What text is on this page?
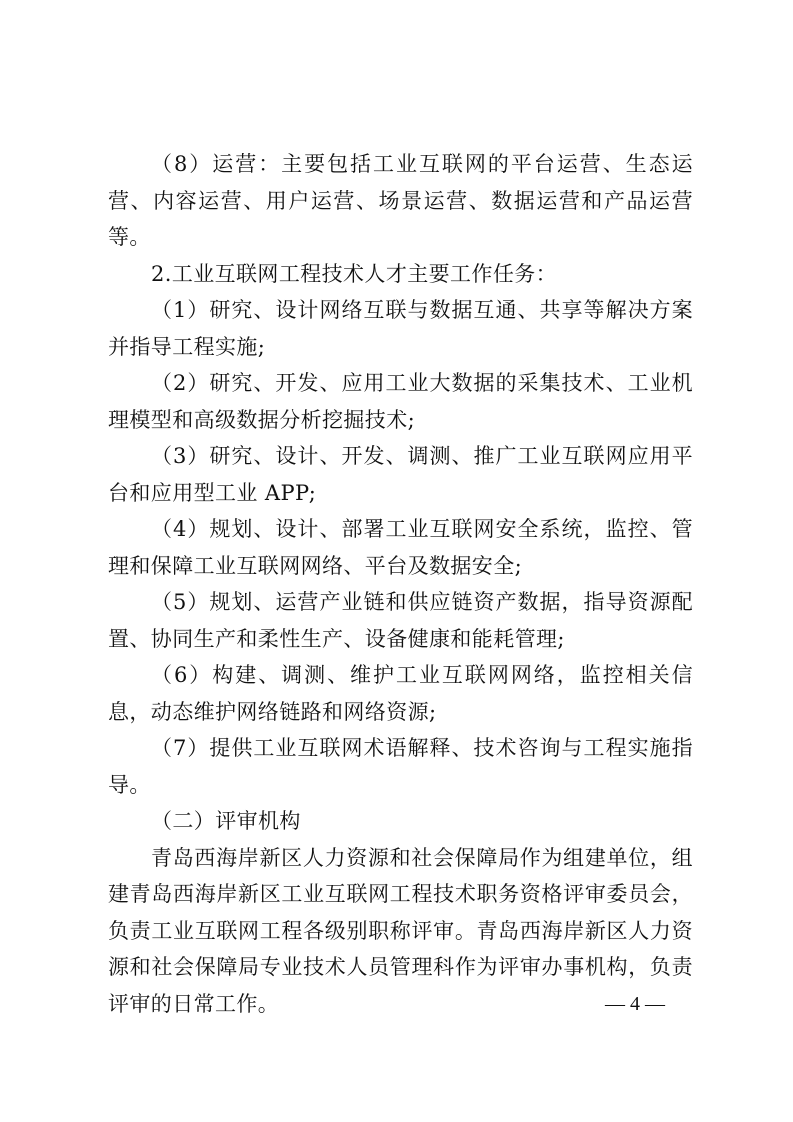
（8）运营：主要包括工业互联网的平台运营、生态运营、内容运营、用户运营、场景运营、数据运营和产品运营等。

2.工业互联网工程技术人才主要工作任务：

（1）研究、设计网络互联与数据互通、共享等解决方案并指导工程实施;

（2）研究、开发、应用工业大数据的采集技术、工业机理模型和高级数据分析挖掘技术;

（3）研究、设计、开发、调测、推广工业互联网应用平台和应用型工业 APP;

（4）规划、设计、部署工业互联网安全系统，监控、管理和保障工业互联网网络、平台及数据安全;

（5）规划、运营产业链和供应链资产数据，指导资源配置、协同生产和柔性生产、设备健康和能耗管理;

（6）构建、调测、维护工业互联网网络，监控相关信息，动态维护网络链路和网络资源;

（7）提供工业互联网术语解释、技术咨询与工程实施指导。

（二）评审机构

青岛西海岸新区人力资源和社会保障局作为组建单位，组建青岛西海岸新区工业互联网工程技术职务资格评审委员会，负责工业互联网工程各级别职称评审。青岛西海岸新区人力资源和社会保障局专业技术人员管理科作为评审办事机构，负责评审的日常工作。	— 4 —
